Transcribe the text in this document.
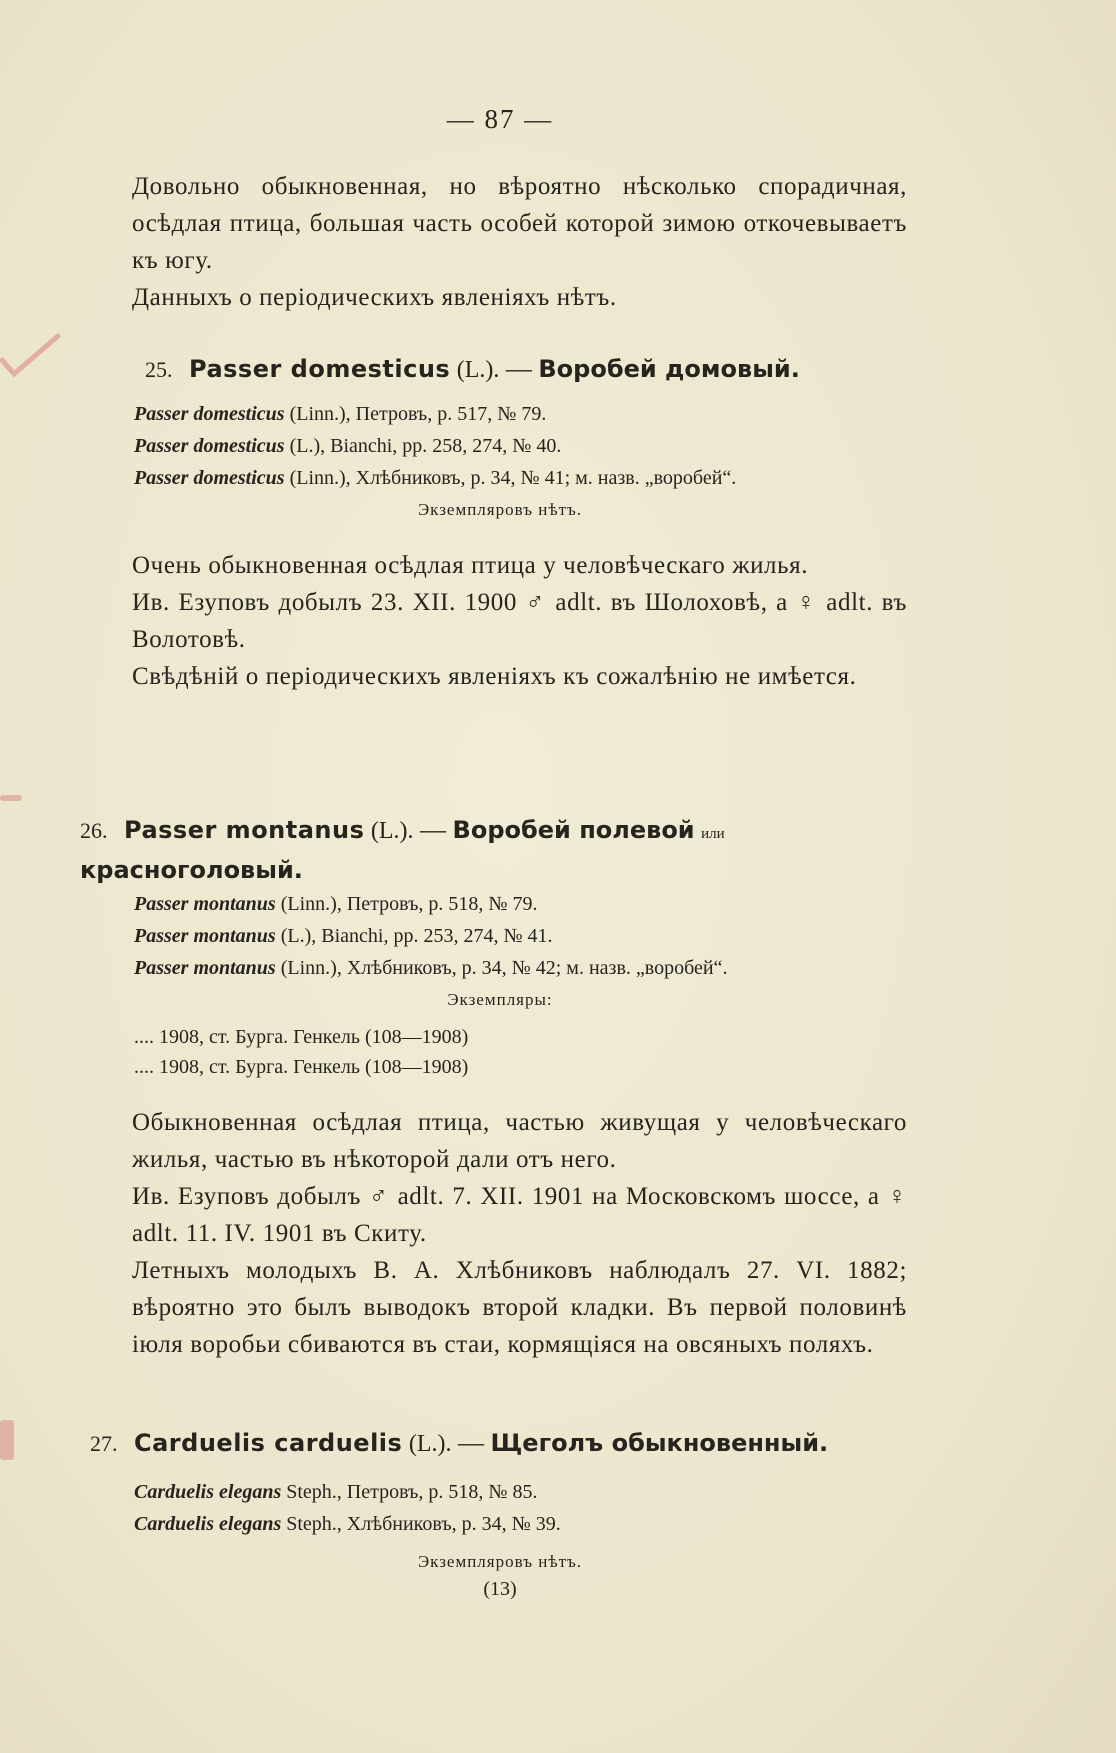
— 87 —
Довольно обыкновенная, но вѣроятно нѣсколько спорадичная, осѣдлая птица, большая часть особей которой зимою откочевываетъ къ югу.
Данныхъ о періодическихъ явленіяхъ нѣтъ.
25. Passer domesticus (L.). — Воробей домовый.
Passer domesticus (Linn.), Петровъ, p. 517, № 79.
Passer domesticus (L.), Bianchi, pp. 258, 274, № 40.
Passer domesticus (Linn.), Хлѣбниковъ, p. 34, № 41; м. назв. „воробей“.
Экземпляровъ нѣтъ.
Очень обыкновенная осѣдлая птица у человѣческаго жилья.
Ив. Езуповъ добылъ 23. XII. 1900 ♂ adlt. въ Шолоховѣ, а ♀ adlt. въ Волотовѣ.
Свѣдѣній о періодическихъ явленіяхъ къ сожалѣнію не имѣется.
26. Passer montanus (L.). — Воробей полевой или красноголовый.
Passer montanus (Linn.), Петровъ, p. 518, № 79.
Passer montanus (L.), Bianchi, pp. 253, 274, № 41.
Passer montanus (Linn.), Хлѣбниковъ, p. 34, № 42; м. назв. „воробей“.
Экземпляры:
.... 1908, ст. Бурга. Генкель (108—1908)
.... 1908, ст. Бурга. Генкель (108—1908)
Обыкновенная осѣдлая птица, частью живущая у человѣческаго жилья, частью въ нѣкоторой дали отъ него.
Ив. Езуповъ добылъ ♂ adlt. 7. XII. 1901 на Московскомъ шоссе, а ♀ adlt. 11. IV. 1901 въ Скиту.
Летныхъ молодыхъ В. А. Хлѣбниковъ наблюдалъ 27. VI. 1882; вѣроятно это былъ выводокъ второй кладки. Въ первой половинѣ іюля воробьи сбиваются въ стаи, кормящіяся на овсяныхъ поляхъ.
27. Carduelis carduelis (L.). — Щеголъ обыкновенный.
Carduelis elegans Steph., Петровъ, p. 518, № 85.
Carduelis elegans Steph., Хлѣбниковъ, p. 34, № 39.
Экземпляровъ нѣтъ.
(13)
